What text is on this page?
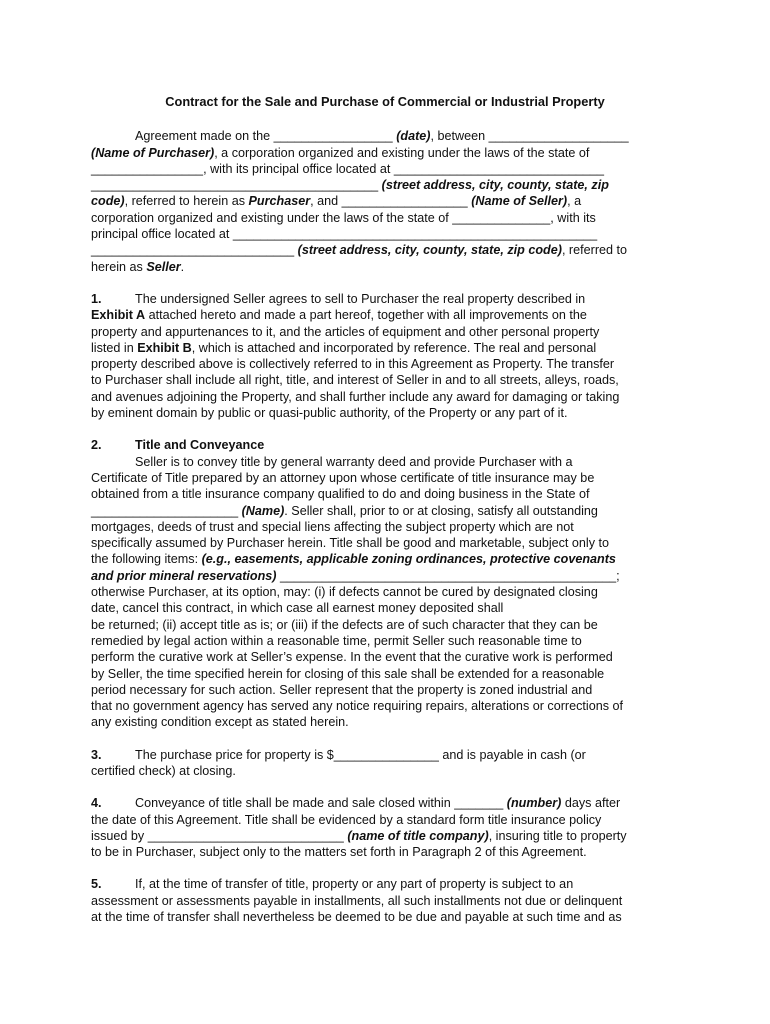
Contract for the Sale and Purchase of Commercial or Industrial Property

Agreement made on the _________________ (date), between ____________________

(Name of Purchaser), a corporation organized and existing under the laws of the state of

________________, with its principal office located at ______________________________

_________________________________________ (street address, city, county, state, zip

code), referred to herein as Purchaser, and __________________ (Name of Seller), a

corporation organized and existing under the laws of the state of ______________, with its

principal office located at ____________________________________________________

_____________________________ (street address, city, county, state, zip code), referred to

herein as Seller.

1.	The undersigned Seller agrees to sell to Purchaser the real property described in

Exhibit A attached hereto and made a part hereof, together with all improvements on the

property and appurtenances to it, and the articles of equipment and other personal property

listed in Exhibit B, which is attached and incorporated by reference. The real and personal

property described above is collectively referred to in this Agreement as Property. The transfer

to Purchaser shall include all right, title, and interest of Seller in and to all streets, alleys, roads,

and avenues adjoining the Property, and shall further include any award for damaging or taking

by eminent domain by public or quasi-public authority, of the Property or any part of it.

2.	Title and Conveyance

Seller is to convey title by general warranty deed and provide Purchaser with a

Certificate of Title prepared by an attorney upon whose certificate of title insurance may be

obtained from a title insurance company qualified to do and doing business in the State of

_____________________ (Name). Seller shall, prior to or at closing, satisfy all outstanding

mortgages, deeds of trust and special liens affecting the subject property which are not

specifically assumed by Purchaser herein. Title shall be good and marketable, subject only to

the following items: (e.g., easements, applicable zoning ordinances, protective covenants

and prior mineral reservations) ________________________________________________;

otherwise Purchaser, at its option, may: (i) if defects cannot be cured by designated closing

date, cancel this contract, in which case all earnest money deposited shall

be returned; (ii) accept title as is; or (iii) if the defects are of such character that they can be

remedied by legal action within a reasonable time, permit Seller such reasonable time to

perform the curative work at Seller’s expense. In the event that the curative work is performed

by Seller, the time specified herein for closing of this sale shall be extended for a reasonable

period necessary for such action. Seller represent that the property is zoned industrial and

that no government agency has served any notice requiring repairs, alterations or corrections of

any existing condition except as stated herein.

3.	The purchase price for property is $_______________ and is payable in cash (or

certified check) at closing.

4.	Conveyance of title shall be made and sale closed within _______ (number) days after

the date of this Agreement. Title shall be evidenced by a standard form title insurance policy

issued by ____________________________ (name of title company), insuring title to property

to be in Purchaser, subject only to the matters set forth in Paragraph 2 of this Agreement.

5.	If, at the time of transfer of title, property or any part of property is subject to an

assessment or assessments payable in installments, all such installments not due or delinquent

at the time of transfer shall nevertheless be deemed to be due and payable at such time and as
